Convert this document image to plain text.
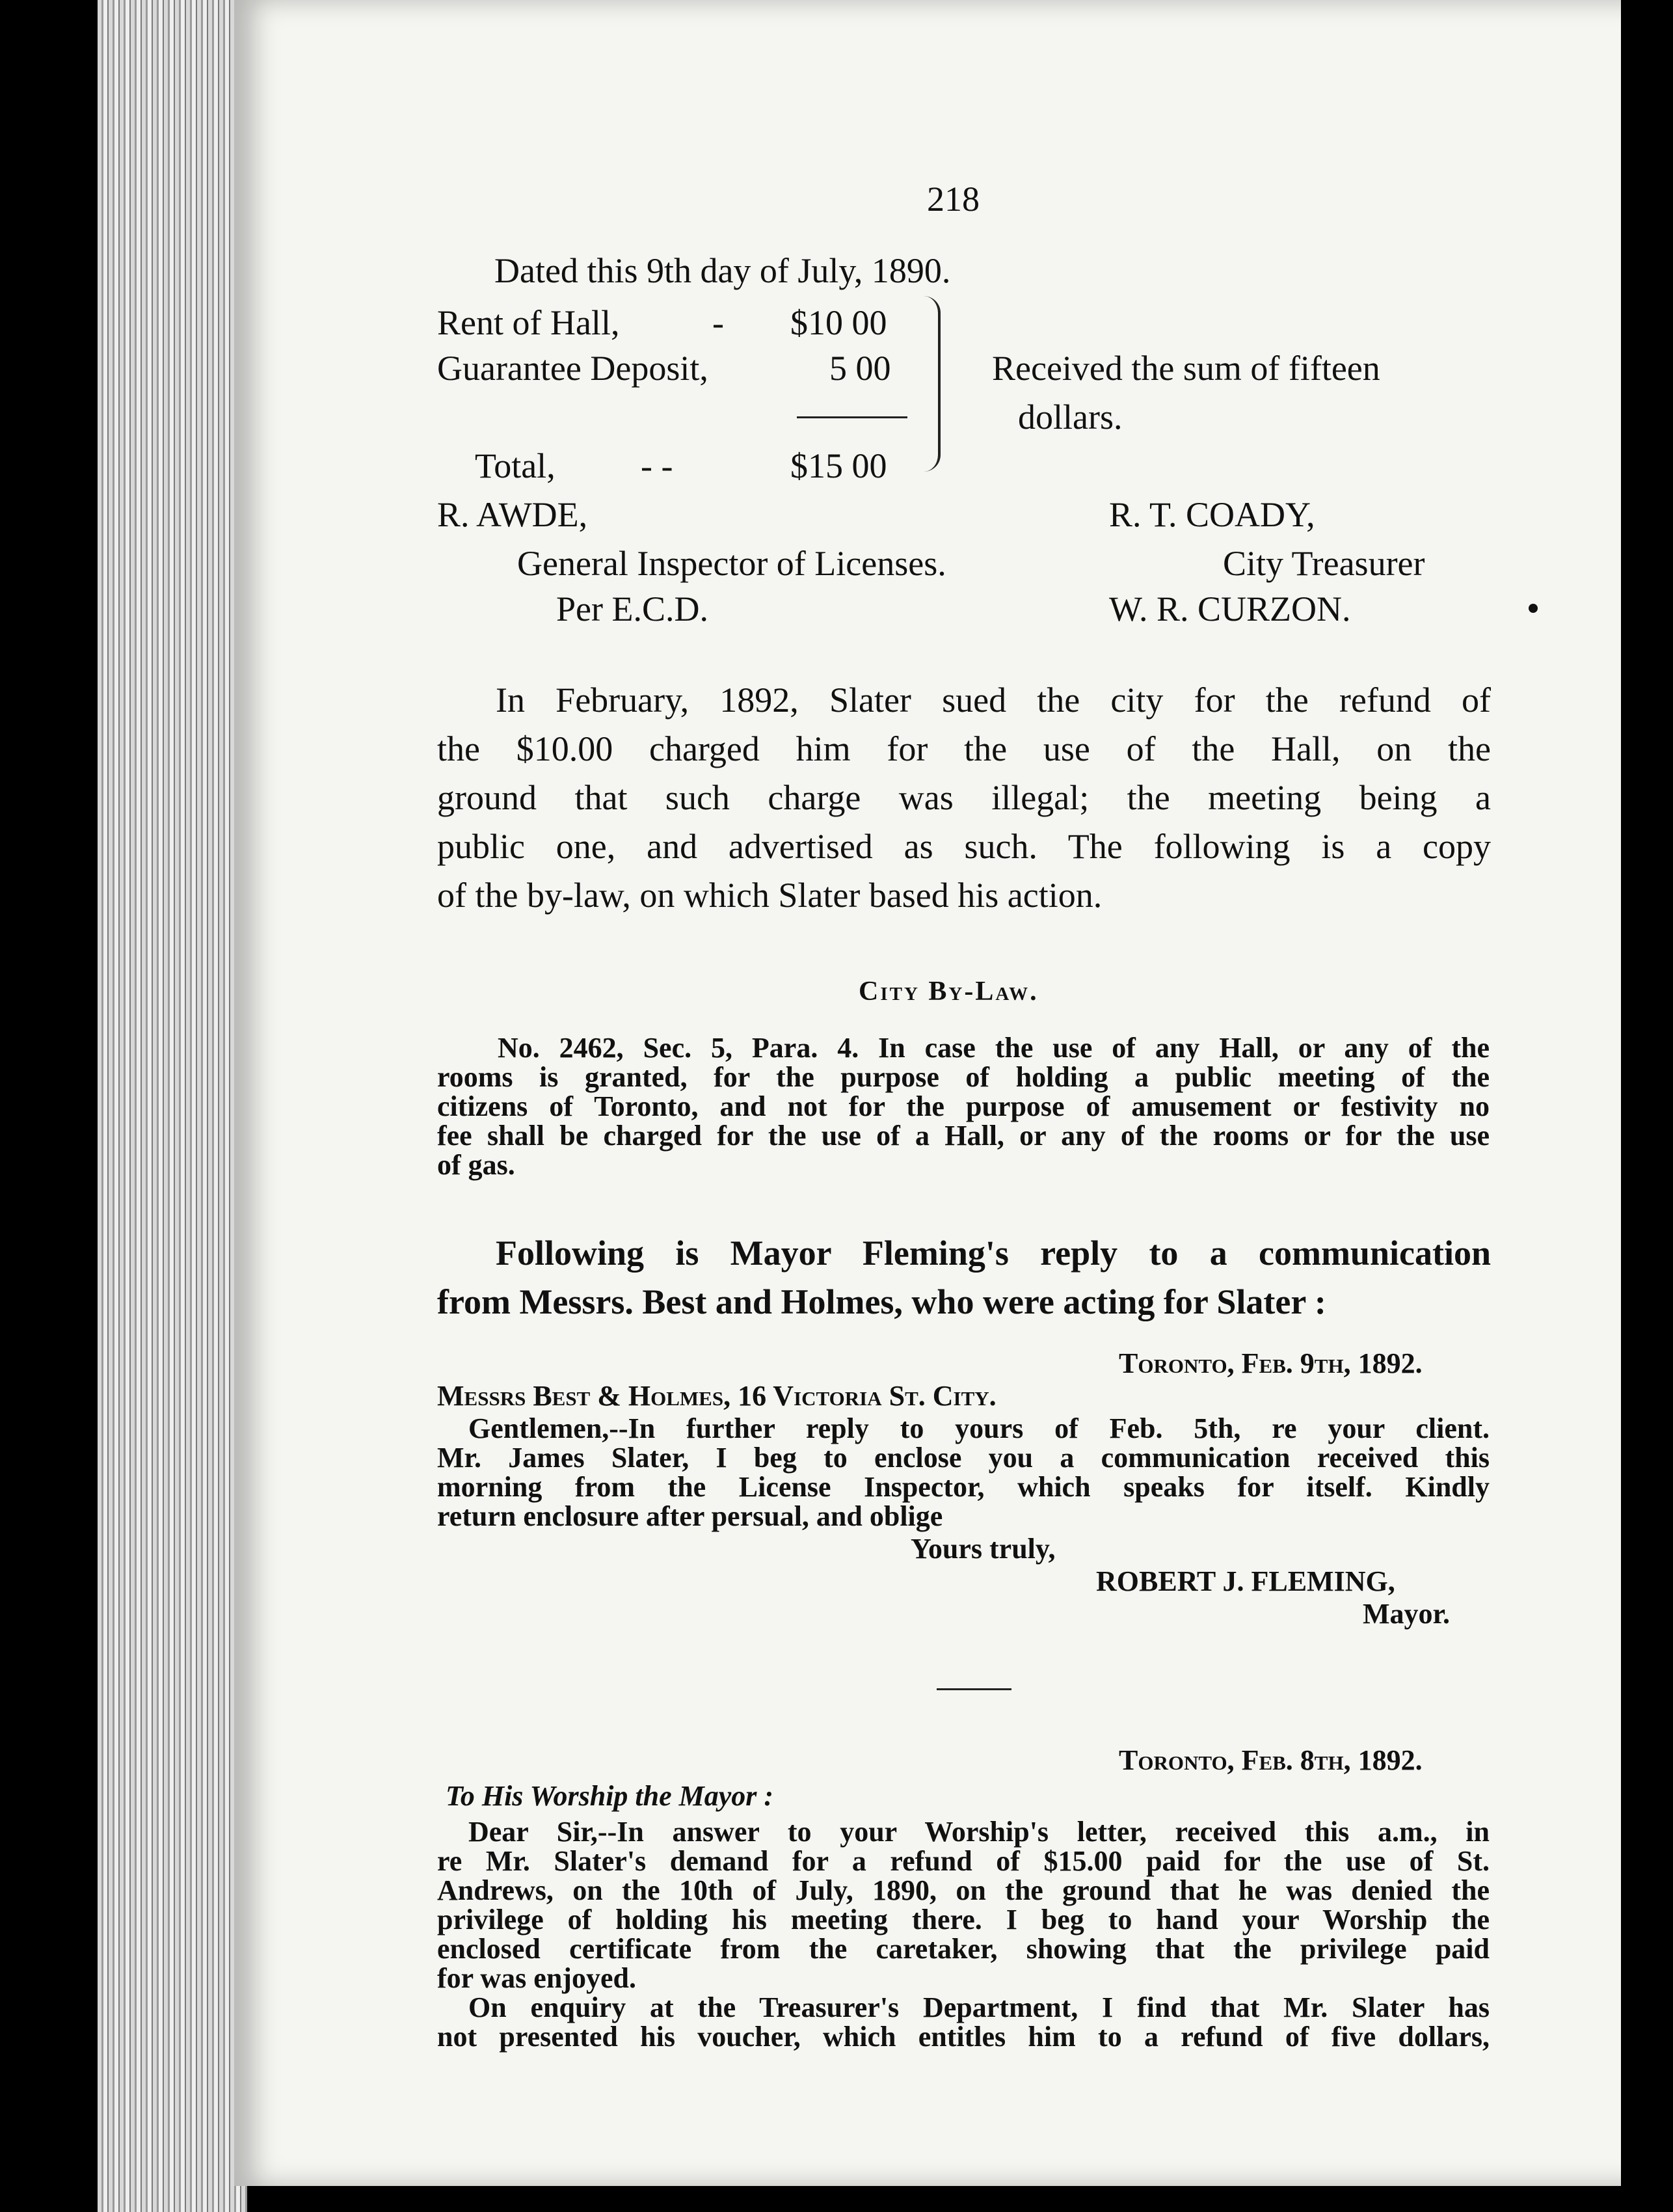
218
Dated this 9th day of July, 1890.
Rent of Hall,	- $10 00
Guarantee Deposit,	5 00
Total, - -	$15 00
Received the sum of fifteen
dollars.
R. AWDE,
General Inspector of Licenses.
Per E.C.D.
R. T. COADY,
City Treasurer
W. R. CURZON.
In February, 1892, Slater sued the city for the refund of
the $10.00 charged him for the use of the Hall, on the
ground that such charge was illegal; the meeting being a
public one, and advertised as such. The following is a copy
of the by-law, on which Slater based his action.
City By-Law.
No. 2462, Sec. 5, Para. 4. In case the use of any Hall, or any of the
rooms is granted, for the purpose of holding a public meeting of the
citizens of Toronto, and not for the purpose of amusement or festivity no
fee shall be charged for the use of a Hall, or any of the rooms or for the use
of gas.
Following is Mayor Fleming's reply to a communication
from Messrs. Best and Holmes, who were acting for Slater :
Toronto, Feb. 9th, 1892.
Messrs Best & Holmes, 16 Victoria St. City.
Gentlemen,--In further reply to yours of Feb. 5th, re your client.
Mr. James Slater, I beg to enclose you a communication received this
morning from the License Inspector, which speaks for itself. Kindly
return enclosure after persual, and oblige
Yours truly,
ROBERT J. FLEMING,
Mayor.
Toronto, Feb. 8th, 1892.
To His Worship the Mayor :
Dear Sir,--In answer to your Worship's letter, received this a.m., in
re Mr. Slater's demand for a refund of $15.00 paid for the use of St.
Andrews, on the 10th of July, 1890, on the ground that he was denied the
privilege of holding his meeting there. I beg to hand your Worship the
enclosed certificate from the caretaker, showing that the privilege paid
for was enjoyed.
On enquiry at the Treasurer's Department, I find that Mr. Slater has
not presented his voucher, which entitles him to a refund of five dollars,
